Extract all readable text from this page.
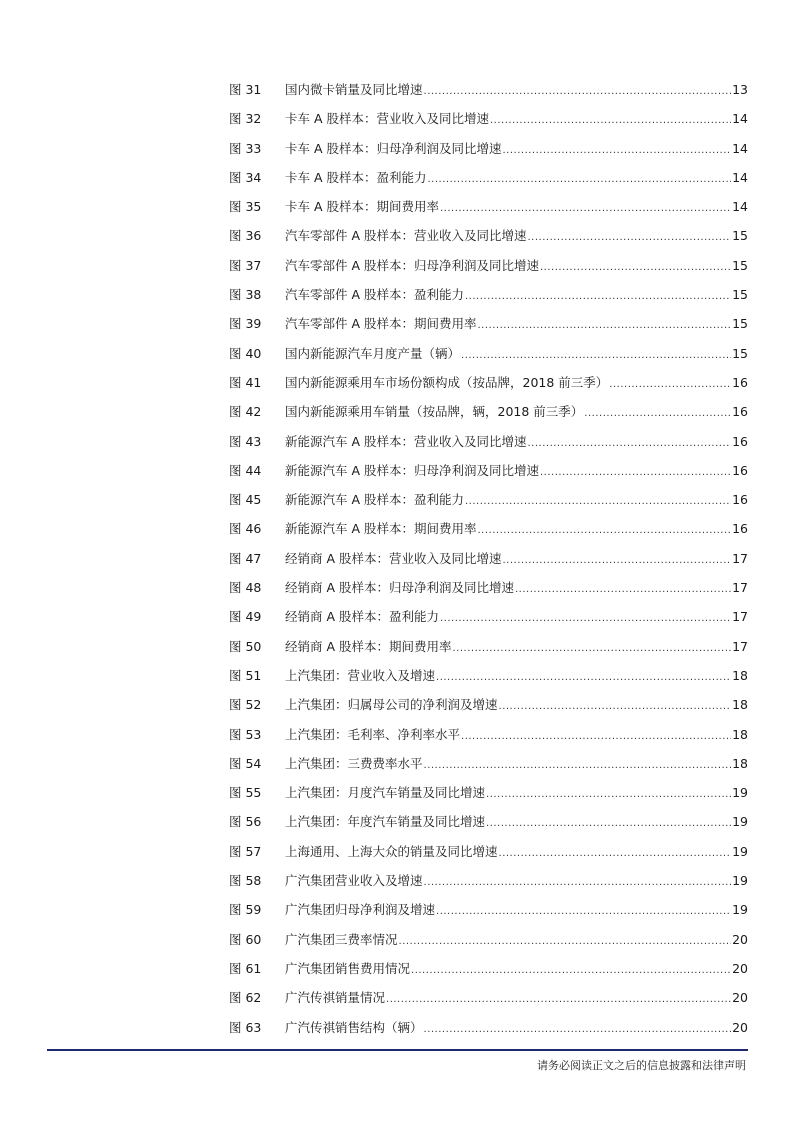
图 31	国内微卡销量及同比增速 .....	13
图 32	卡车 A 股样本：营业收入及同比增速 .....	14
图 33	卡车 A 股样本：归母净利润及同比增速 .....	14
图 34	卡车 A 股样本：盈利能力 .....	14
图 35	卡车 A 股样本：期间费用率 .....	14
图 36	汽车零部件 A 股样本：营业收入及同比增速 .....	15
图 37	汽车零部件 A 股样本：归母净利润及同比增速 .....	15
图 38	汽车零部件 A 股样本：盈利能力 .....	15
图 39	汽车零部件 A 股样本：期间费用率 .....	15
图 40	国内新能源汽车月度产量（辆） .....	15
图 41	国内新能源乘用车市场份额构成（按品牌，2018 前三季） .....	16
图 42	国内新能源乘用车销量（按品牌，辆，2018 前三季） .....	16
图 43	新能源汽车 A 股样本：营业收入及同比增速 .....	16
图 44	新能源汽车 A 股样本：归母净利润及同比增速 .....	16
图 45	新能源汽车 A 股样本：盈利能力 .....	16
图 46	新能源汽车 A 股样本：期间费用率 .....	16
图 47	经销商 A 股样本：营业收入及同比增速 .....	17
图 48	经销商 A 股样本：归母净利润及同比增速 .....	17
图 49	经销商 A 股样本：盈利能力 .....	17
图 50	经销商 A 股样本：期间费用率 .....	17
图 51	上汽集团：营业收入及增速 .....	18
图 52	上汽集团：归属母公司的净利润及增速 .....	18
图 53	上汽集团：毛利率、净利率水平 .....	18
图 54	上汽集团：三费费率水平 .....	18
图 55	上汽集团：月度汽车销量及同比增速 .....	19
图 56	上汽集团：年度汽车销量及同比增速 .....	19
图 57	上海通用、上海大众的销量及同比增速 .....	19
图 58	广汽集团营业收入及增速 .....	19
图 59	广汽集团归母净利润及增速 .....	19
图 60	广汽集团三费率情况 .....	20
图 61	广汽集团销售费用情况 .....	20
图 62	广汽传祺销量情况 .....	20
图 63	广汽传祺销售结构（辆） .....	20
请务必阅读正文之后的信息披露和法律声明
